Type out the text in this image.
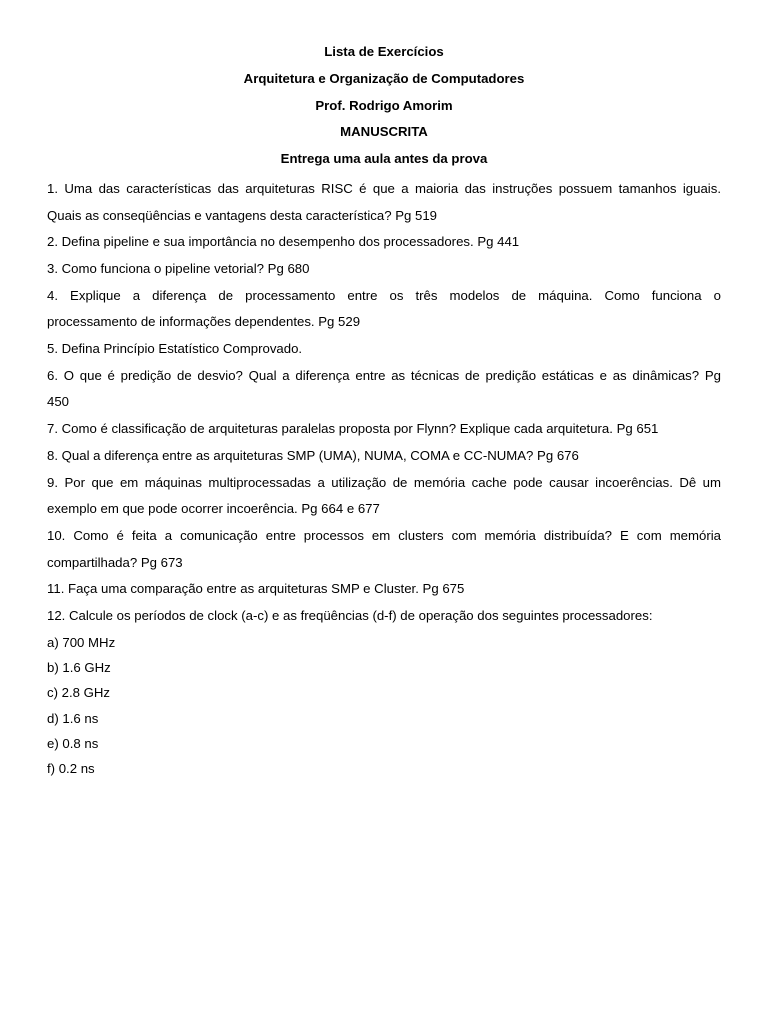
Lista de Exercícios
Arquitetura e Organização de Computadores
Prof. Rodrigo Amorim
MANUSCRITA
Entrega uma aula antes da prova
1. Uma das características das arquiteturas RISC é que a maioria das instruções possuem tamanhos iguais.
Quais as conseqüências e vantagens desta característica? Pg 519
2. Defina pipeline e sua importância no desempenho dos processadores. Pg 441
3. Como funciona o pipeline vetorial? Pg 680
4. Explique a diferença de processamento entre os três modelos de máquina. Como funciona o
processamento de informações dependentes. Pg 529
5. Defina Princípio Estatístico Comprovado.
6. O que é predição de desvio? Qual a diferença entre as técnicas de predição estáticas e as dinâmicas? Pg
450
7. Como é classificação de arquiteturas paralelas proposta por Flynn? Explique cada arquitetura. Pg 651
8. Qual a diferença entre as arquiteturas SMP (UMA), NUMA, COMA e CC-NUMA? Pg 676
9. Por que em máquinas multiprocessadas a utilização de memória cache pode causar incoerências. Dê um
exemplo em que pode ocorrer incoerência. Pg 664 e 677
10. Como é feita a comunicação entre processos em clusters com memória distribuída? E com memória
compartilhada? Pg 673
11. Faça uma comparação entre as arquiteturas SMP e Cluster. Pg 675
12. Calcule os períodos de clock (a-c) e as freqüências (d-f) de operação dos seguintes processadores:
a) 700 MHz
b) 1.6 GHz
c) 2.8 GHz
d) 1.6 ns
e) 0.8 ns
f) 0.2 ns
